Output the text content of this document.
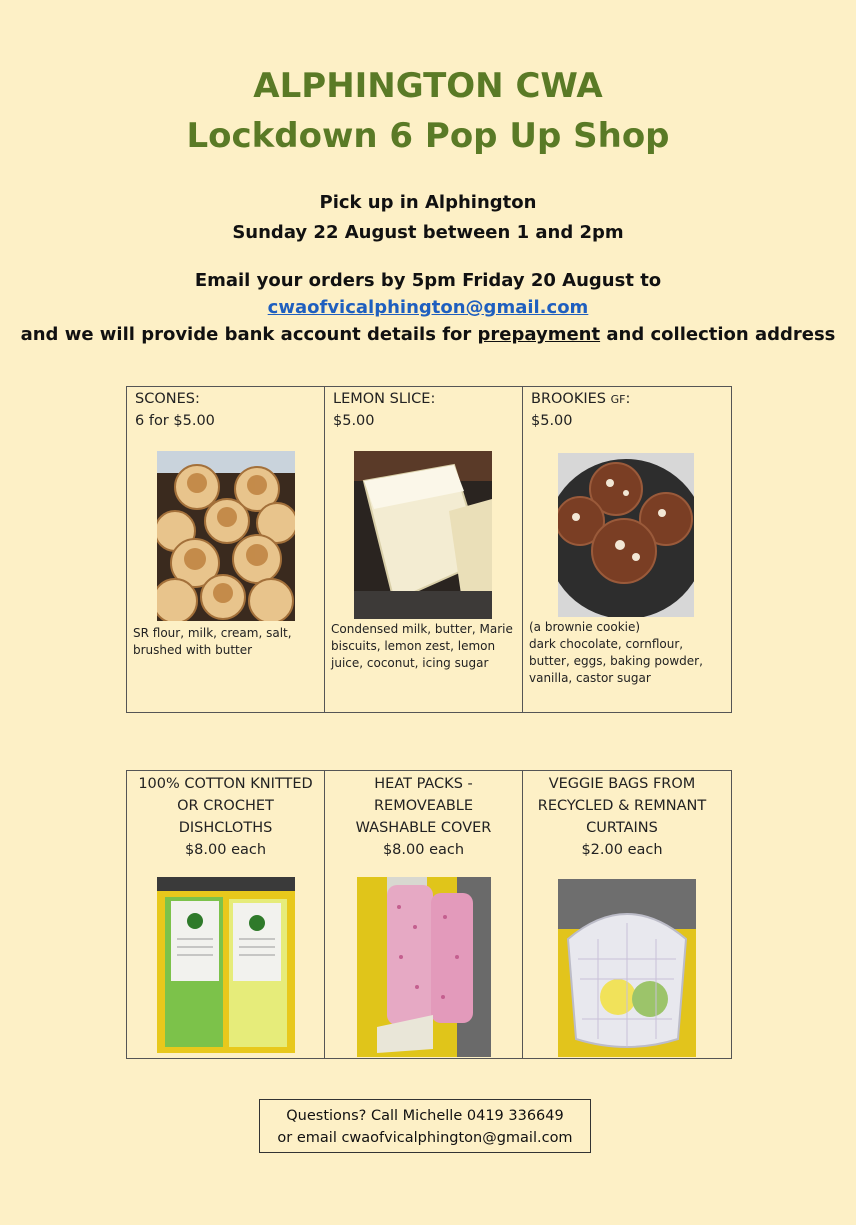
ALPHINGTON CWA
Lockdown 6 Pop Up Shop
Pick up in Alphington
Sunday 22 August between 1 and 2pm
Email your orders by 5pm Friday 20 August to
cwaofvicalphington@gmail.com
and we will provide bank account details for prepayment and collection address
SCONES:
6 for $5.00
SR flour, milk, cream, salt, brushed with butter
LEMON SLICE:
$5.00
Condensed milk, butter, Marie biscuits, lemon zest, lemon juice, coconut, icing sugar
BROOKIES GF:
$5.00
(a brownie cookie)
dark chocolate, cornflour, butter, eggs, baking powder, vanilla, castor sugar
100% COTTON KNITTED
OR CROCHET
DISHCLOTHS
$8.00 each
HEAT PACKS -
REMOVEABLE
WASHABLE COVER
$8.00 each
VEGGIE BAGS FROM
RECYCLED & REMNANT
CURTAINS
$2.00 each
Questions? Call Michelle 0419 336649
or email cwaofvicalphington@gmail.com
